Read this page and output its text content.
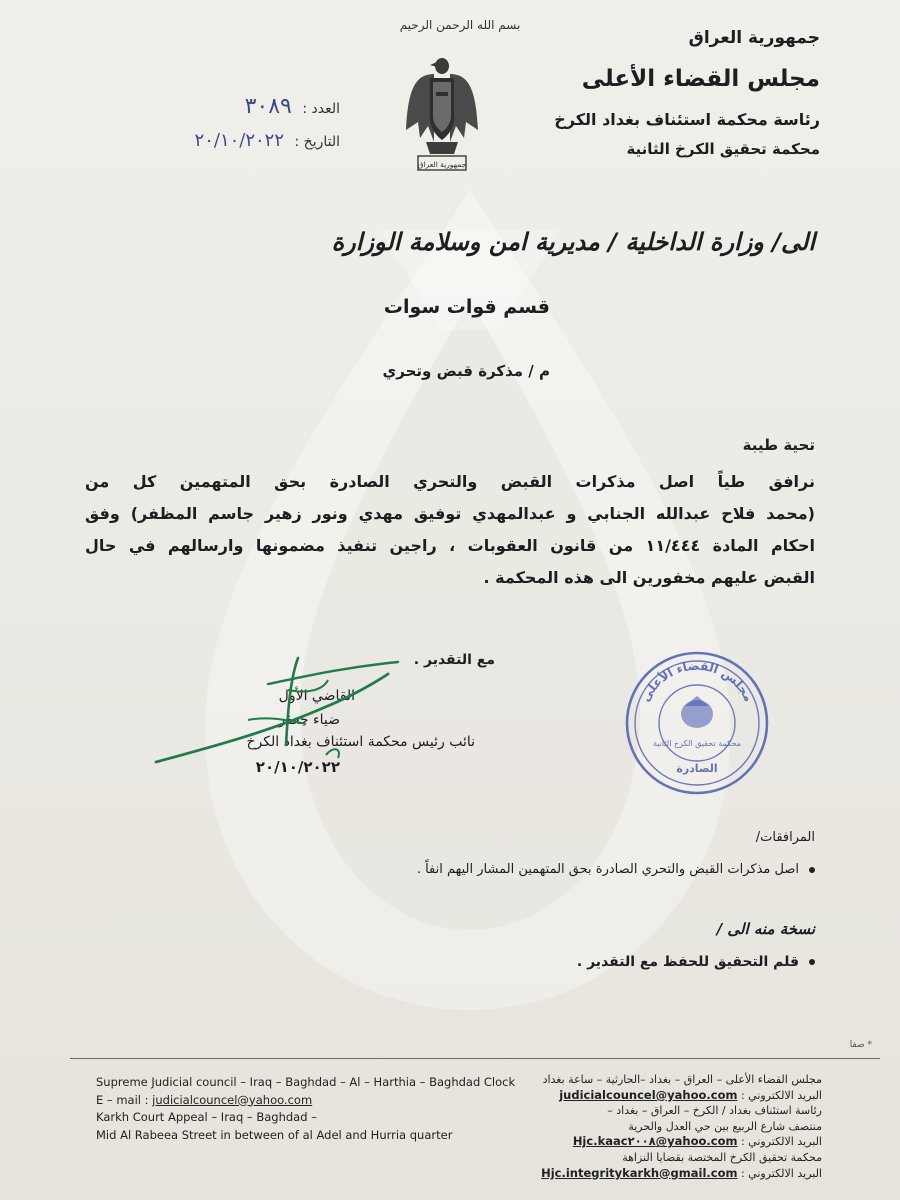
بسم الله الرحمن الرحيم
جمهورية العراق
مجلس القضاء الأعلى
رئاسة محكمة استئناف بغداد الكرخ
محكمة تحقيق الكرخ الثانية
جمهورية العراق
العدد : ٣٠٨٩
التاريخ : ٢٠/١٠/٢٠٢٢
الى/ وزارة الداخلية / مديرية امن وسلامة الوزارة
قسم قوات سوات
م / مذكرة قبض وتحري
تحية طيبة
نرافق طياً اصل مذكرات القبض والتحري الصادرة بحق المتهمين كل من
(محمد فلاح عبدالله الجنابي و عبدالمهدي توفيق مهدي ونور زهير جاسم المظفر) وفق
احكام المادة ١١/٤٤٤ من قانون العقوبات ، راجين تنفيذ مضمونها وارسالهم في حال
القبض عليهم مخفورين الى هذه المحكمة .
مع التقدير .
القاضي الأول
ضياء جعفر
نائب رئيس محكمة استئناف بغداد الكرخ
٢٠/١٠/٢٠٢٢
مجلس القضاء الأعلى
محكمة تحقيق الكرخ الثانية
الصادرة
المرافقات/
اصل مذكرات القبض والتحري الصادرة بحق المتهمين المشار اليهم انفاً .
نسخة منه الى /
قلم التحقيق للحفظ مع التقدير .
* صفا
Supreme Judicial council – Iraq – Baghdad – Al – Harthia – Baghdad Clock
E – mail : judicialcouncel@yahoo.com
Karkh Court Appeal – Iraq – Baghdad –
Mid Al Rabeea Street in between of al Adel and Hurria quarter
مجلس القضاء الأعلى – العراق – بغداد –الحارثية – ساعة بغداد
البريد الالكتروني : judicialcouncel@yahoo.com
رئاسة استئناف بغداد / الكرخ – العراق – بغداد –
منتصف شارع الربيع بين حي العدل والحرية
البريد الالكتروني : Hjc.kaac٢٠٠٨@yahoo.com
محكمة تحقيق الكرخ المختصة بقضايا النزاهة
البريد الالكتروني : Hjc.integritykarkh@gmail.com
